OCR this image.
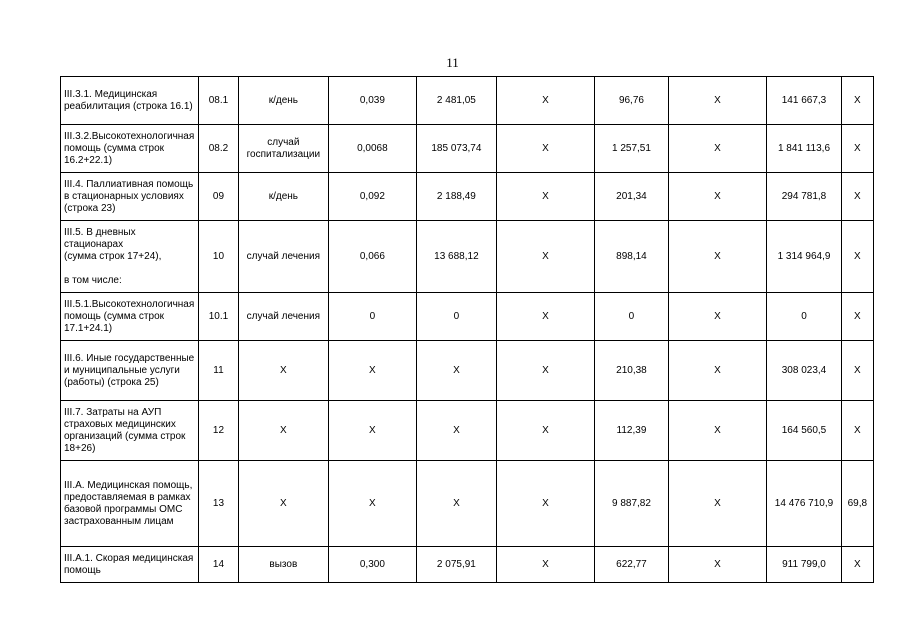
11
III.3.1. Медицинская реабилитация (строка 16.1)	08.1	к/день	0,039	2 481,05	X	96,76	X	141 667,3	X
III.3.2.Высокотехнологичная помощь (сумма строк 16.2+22.1)	08.2	случай госпитализации	0,0068	185 073,74	X	1 257,51	X	1 841 113,6	X
III.4. Паллиативная помощь в стационарных условиях (строка 23)	09	к/день	0,092	2 188,49	X	201,34	X	294 781,8	X
III.5. В дневных стационарах
(сумма строк 17+24),

в том числе:	10	случай лечения	0,066	13 688,12	X	898,14	X	1 314 964,9	X
III.5.1.Высокотехнологичная помощь (сумма строк 17.1+24.1)	10.1	случай лечения	0	0	X	0	X	0	X
III.6. Иные государственные и муниципальные услуги (работы) (строка 25)	11	X	X	X	X	210,38	X	308 023,4	X
III.7. Затраты на АУП страховых медицинских организаций (сумма строк 18+26)	12	X	X	X	X	112,39	X	164 560,5	X
III.А. Медицинская помощь, предоставляемая в рамках базовой программы ОМС застрахованным лицам	13	X	X	X	X	9 887,82	X	14 476 710,9	69,8
III.А.1. Скорая медицинская помощь	14	вызов	0,300	2 075,91	X	622,77	X	911 799,0	X
